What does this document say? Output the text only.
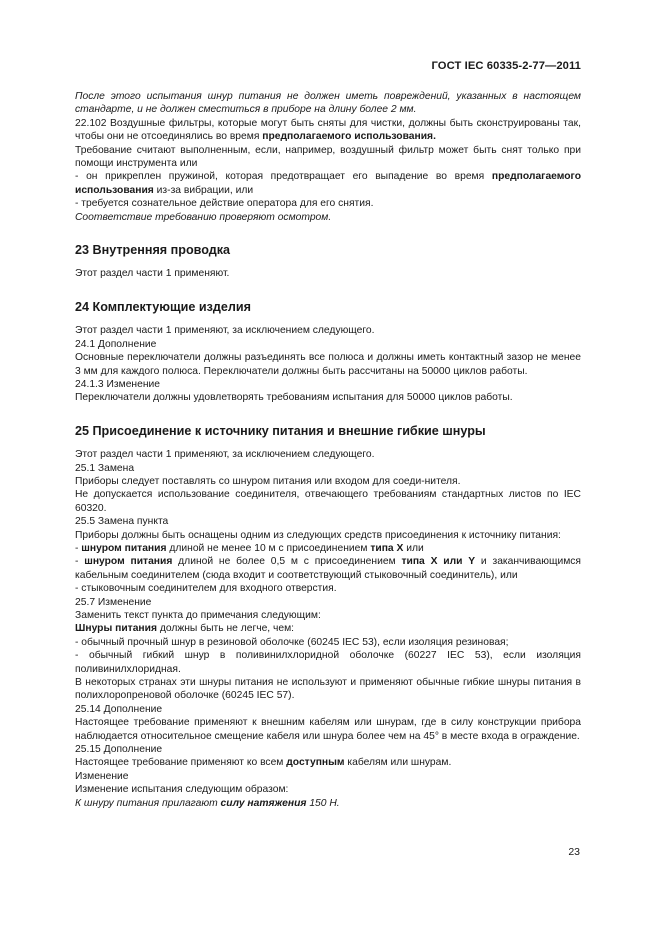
ГОСТ IEC 60335-2-77—2011

После этого испытания шнур питания не должен иметь повреждений, указанных в настоящем стандарте, и не должен сместиться в приборе на длину более 2 мм.

22.102 Воздушные фильтры, которые могут быть сняты для чистки, должны быть сконструированы так, чтобы они не отсоединялись во время предполагаемого использования.

Требование считают выполненным, если, например, воздушный фильтр может быть снят только при помощи инструмента или

- он прикреплен пружиной, которая предотвращает его выпадение во время предполагаемого использования из-за вибрации, или

- требуется сознательное действие оператора для его снятия.

Соответствие требованию проверяют осмотром.

23 Внутренняя проводка

Этот раздел части 1 применяют.

24 Комплектующие изделия

Этот раздел части 1 применяют, за исключением следующего.

24.1 Дополнение

Основные переключатели должны разъединять все полюса и должны иметь контактный зазор не менее 3 мм для каждого полюса. Переключатели должны быть рассчитаны на 50000 циклов работы.

24.1.3 Изменение

Переключатели должны удовлетворять требованиям испытания для 50000 циклов работы.

25 Присоединение к источнику питания и внешние гибкие шнуры

Этот раздел части 1 применяют, за исключением следующего.

25.1 Замена

Приборы следует поставлять со шнуром питания или входом для соеди-нителя.

Не допускается использование соединителя, отвечающего требованиям стандартных листов по IEC 60320.

25.5 Замена пункта

Приборы должны быть оснащены одним из следующих средств присоединения к источнику питания:

- шнуром питания длиной не менее 10 м с присоединением типа X или

- шнуром питания длиной не более 0,5 м с присоединением типа X или Y и заканчивающимся кабельным соединителем (сюда входит и соответствующий стыковочный соединитель), или

- стыковочным соединителем для входного отверстия.

25.7 Изменение

Заменить текст пункта до примечания следующим:

Шнуры питания должны быть не легче, чем:

- обычный прочный шнур в резиновой оболочке (60245 IEC 53), если изоляция резиновая;

- обычный гибкий шнур в поливинилхлоридной оболочке (60227 IEC 53), если изоляция поливинилхлоридная.

В некоторых странах эти шнуры питания не используют и применяют обычные гибкие шнуры питания в полихлоропреновой оболочке (60245 IEC 57).

25.14 Дополнение

Настоящее требование применяют к внешним кабелям или шнурам, где в силу конструкции прибора наблюдается относительное смещение кабеля или шнура более чем на 45° в месте входа в ограждение.

25.15 Дополнение

Настоящее требование применяют ко всем доступным кабелям или шнурам.

Изменение

Изменение испытания следующим образом:

К шнуру питания прилагают силу натяжения 150 Н.

23
